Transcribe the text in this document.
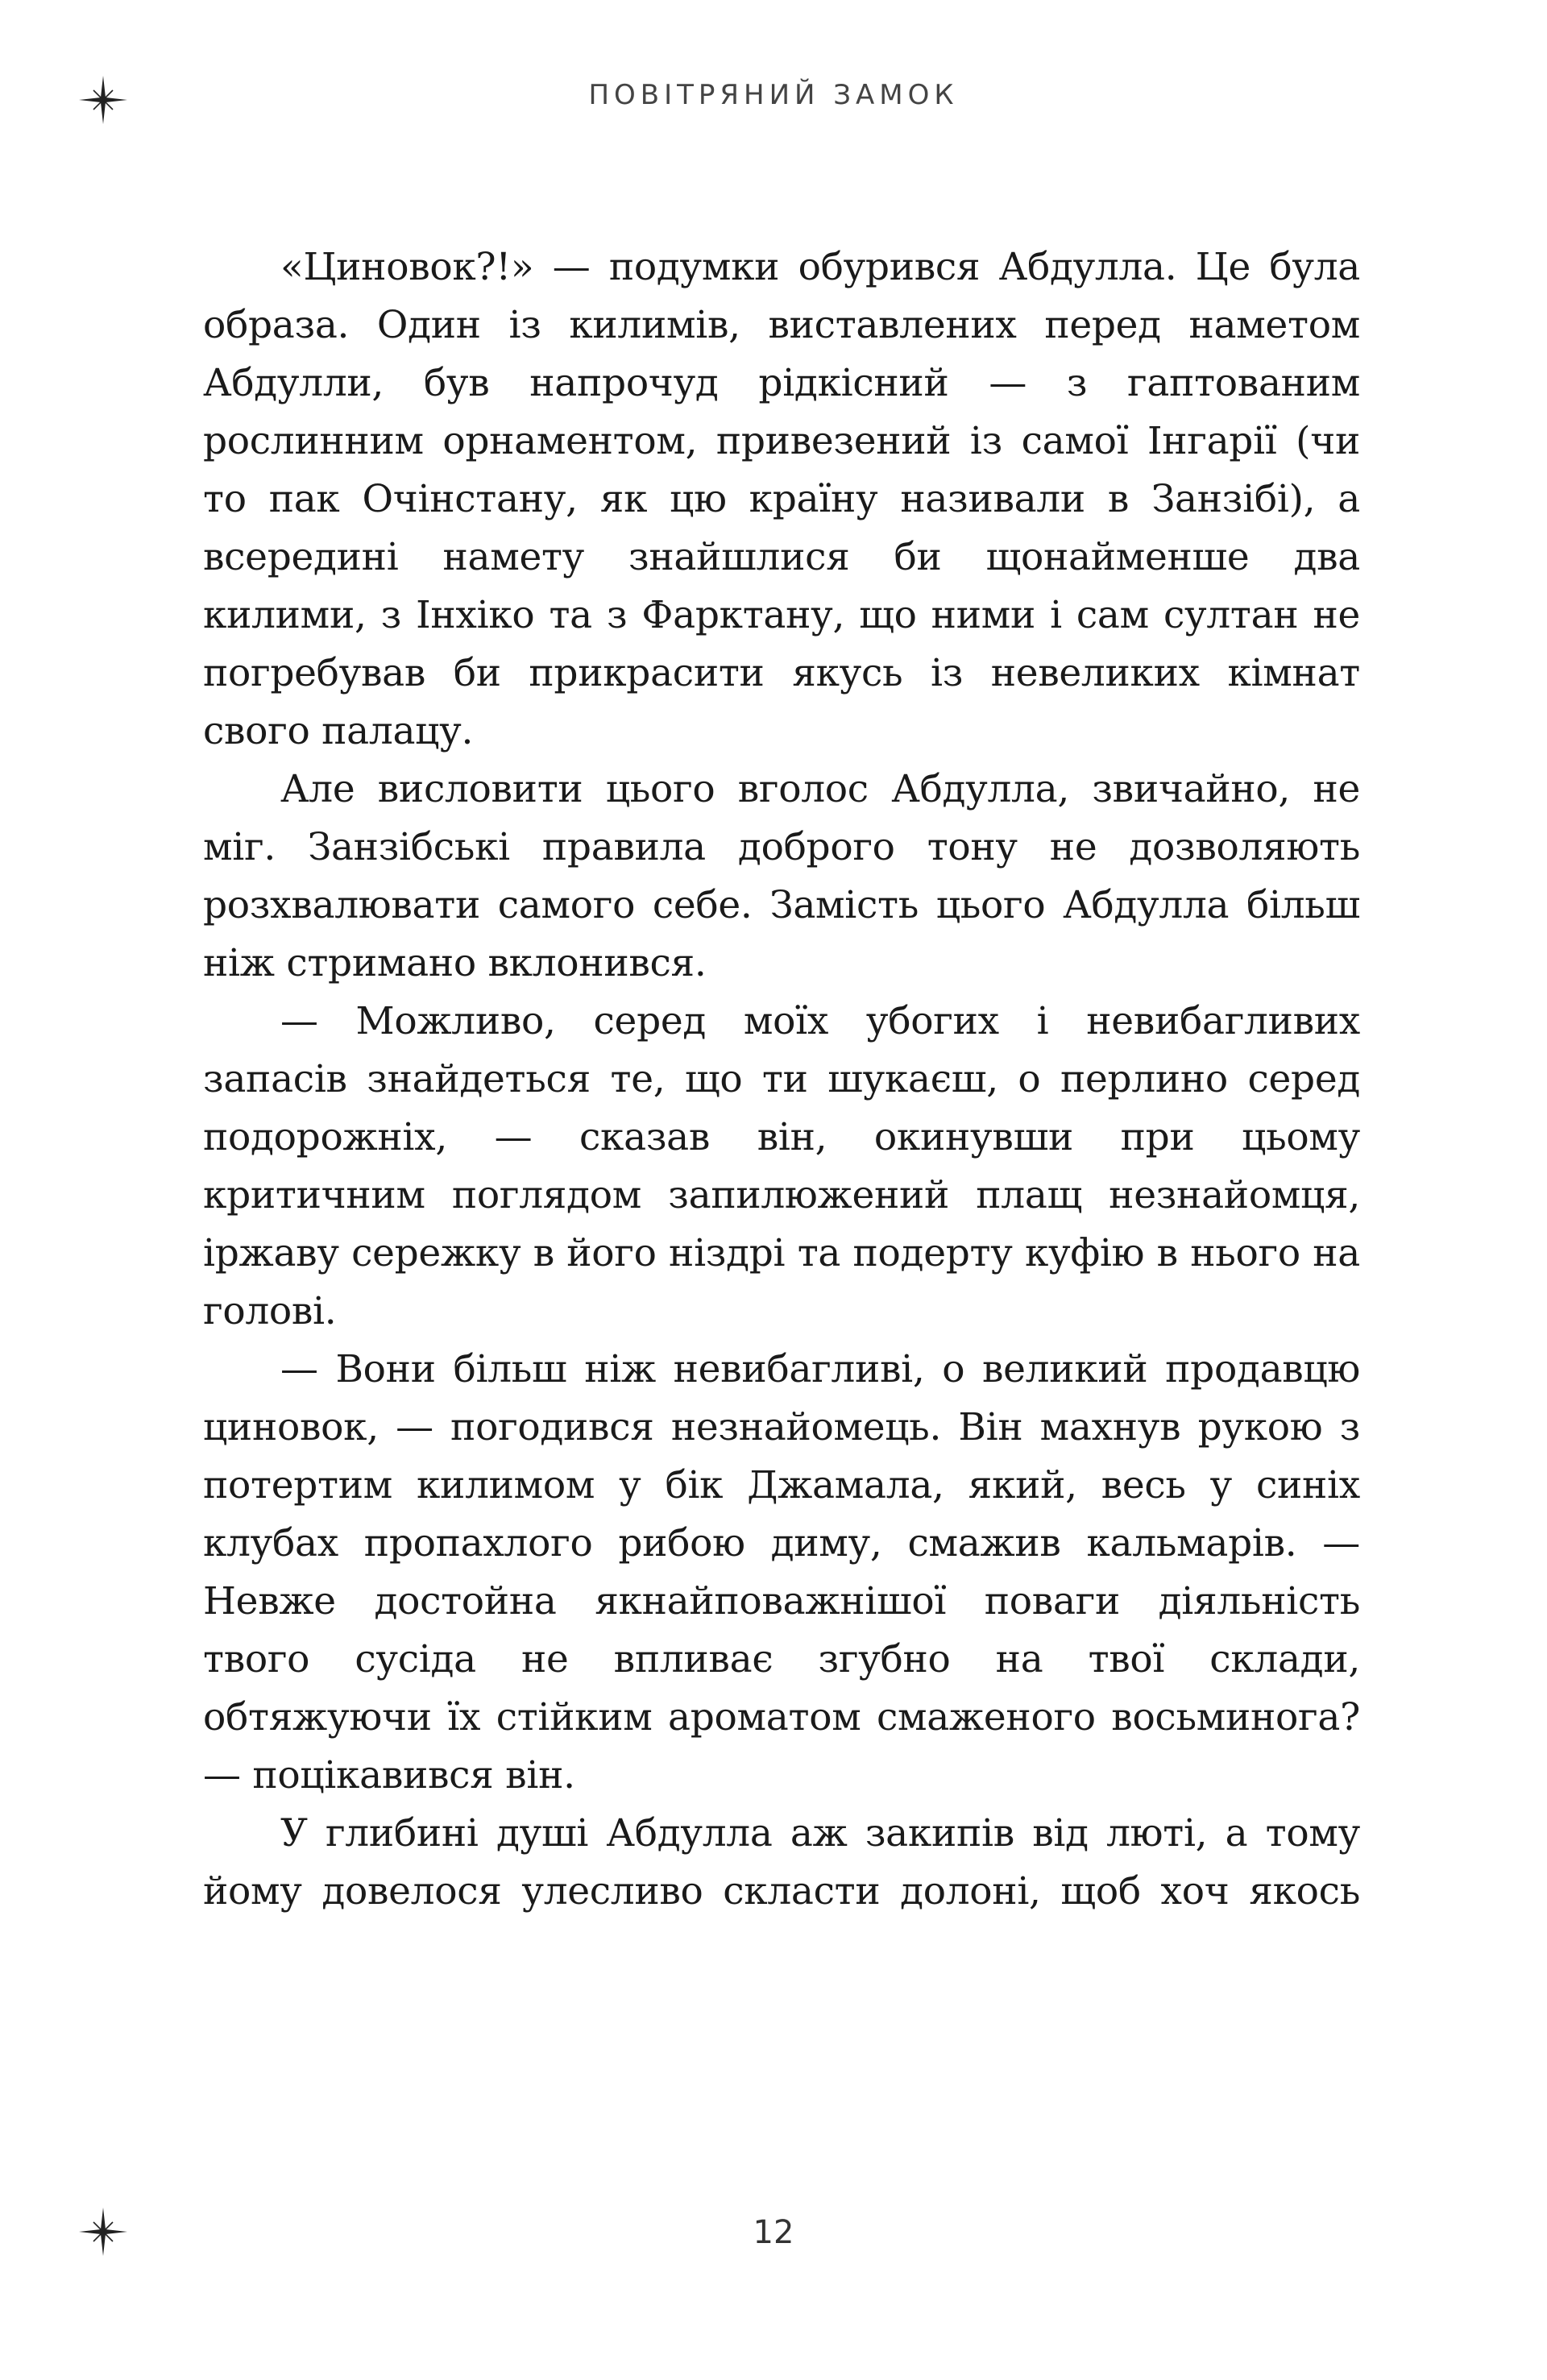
ПОВІТРЯНИЙ ЗАМОК

«Циновок?!» — подумки обурився Абдулла. Це була образа. Один із килимів, виставлених перед наметом Абдулли, був напрочуд рідкісний — з гаптованим рослинним орнаментом, привезений із самої Інгарії (чи то пак Очінстану, як цю країну називали в Занзібі), а всередині намету знайшлися би щонайменше два килими, з Інхіко та з Фарктану, що ними і сам султан не погребував би прикрасити якусь із невеликих кімнат свого палацу.

Але висловити цього вголос Абдулла, звичайно, не міг. Занзібські правила доброго тону не дозволяють розхвалювати самого себе. Замість цього Абдулла більш ніж стримано вклонився.

— Можливо, серед моїх убогих і невибагливих запасів знайдеться те, що ти шукаєш, о перлино серед подорожніх, — сказав він, окинувши при цьому критичним поглядом запилюжений плащ незнайомця, іржаву сережку в його ніздрі та подерту куфію в нього на голові.

— Вони більш ніж невибагливі, о великий продавцю циновок, — погодився незнайомець. Він махнув рукою з потертим килимом у бік Джамала, який, весь у синіх клубах пропахлого рибою диму, смажив кальмарів. — Невже достойна якнайповажнішої поваги діяльність твого сусіда не впливає згубно на твої склади, обтяжуючи їх стійким ароматом смаженого восьминога? — поцікавився він.

У глибині душі Абдулла аж закипів від люті, а тому йому довелося улесливо скласти долоні, щоб хоч якось

12
